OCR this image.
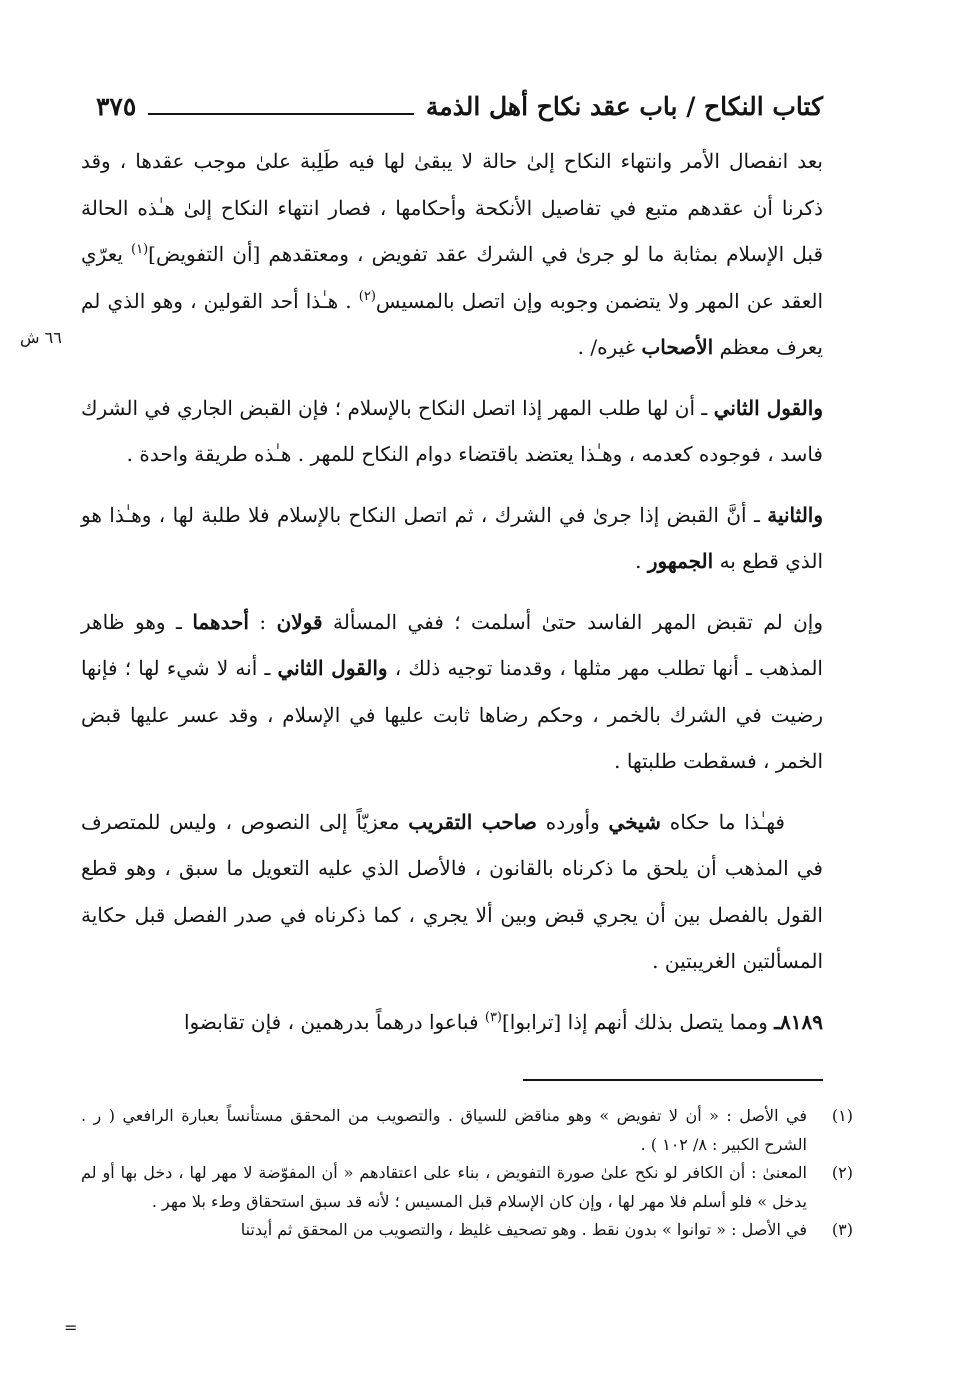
كتاب النكاح / باب عقد نكاح أهل الذمة
٣٧٥
٦٦ ش

بعد انفصال الأمر وانتهاء النكاح إلىٰ حالة لا يبقىٰ لها فيه طَلِبة علىٰ موجب عقدها ، وقد ذكرنا أن عقدهم متبع في تفاصيل الأنكحة وأحكامها ، فصار انتهاء النكاح إلىٰ هـٰذه الحالة قبل الإسلام بمثابة ما لو جرىٰ في الشرك عقد تفويض ، ومعتقدهم [أن التفويض]$^{(١)}$ يعرّي العقد عن المهر ولا يتضمن وجوبه وإن اتصل بالمسيس$^{(٢)}$ . هـٰذا أحد القولين ، وهو الذي لم يعرف معظم الأصحاب غيره/ .

والقول الثاني ـ أن لها طلب المهر إذا اتصل النكاح بالإسلام ؛ فإن القبض الجاري في الشرك فاسد ، فوجوده كعدمه ، وهـٰذا يعتضد باقتضاء دوام النكاح للمهر . هـٰذه طريقة واحدة .

والثانية ـ أنَّ القبض إذا جرىٰ في الشرك ، ثم اتصل النكاح بالإسلام فلا طلبة لها ، وهـٰذا هو الذي قطع به الجمهور .

وإن لم تقبض المهر الفاسد حتىٰ أسلمت ؛ ففي المسألة قولان : أحدهما ـ وهو ظاهر المذهب ـ أنها تطلب مهر مثلها ، وقدمنا توجيه ذلك ، والقول الثاني ـ أنه لا شيء لها ؛ فإنها رضيت في الشرك بالخمر ، وحكم رضاها ثابت عليها في الإسلام ، وقد عسر عليها قبض الخمر ، فسقطت طلبتها .

فهـٰذا ما حكاه شيخي وأورده صاحب التقريب معزيّاً إلى النصوص ، وليس للمتصرف في المذهب أن يلحق ما ذكرناه بالقانون ، فالأصل الذي عليه التعويل ما سبق ، وهو قطع القول بالفصل بين أن يجري قبض وبين ألا يجري ، كما ذكرناه في صدر الفصل قبل حكاية المسألتين الغريبتين .

٨١٨٩ـ ومما يتصل بذلك أنهم إذا [ترابوا]$^{(٣)}$ فباعوا درهماً بدرهمين ، فإن تقابضوا

(١)
في الأصل : « أن لا تفويض » وهو مناقض للسياق . والتصويب من المحقق مستأنساً بعبارة الرافعي ( ر . الشرح الكبير : ٨/ ١٠٢ ) .
(٢)
المعنىٰ : أن الكافر لو نكح علىٰ صورة التفويض ، بناء على اعتقادهم « أن المفوّضة لا مهر لها ، دخل بها أو لم يدخل » فلو أسلم فلا مهر لها ، وإن كان الإسلام قبل المسيس ؛ لأنه قد سبق استحقاق وطء بلا مهر .
(٣)
في الأصل : « توانوا » بدون نقط . وهو تصحيف غليظ ، والتصويب من المحقق ثم أيدتنا
=
